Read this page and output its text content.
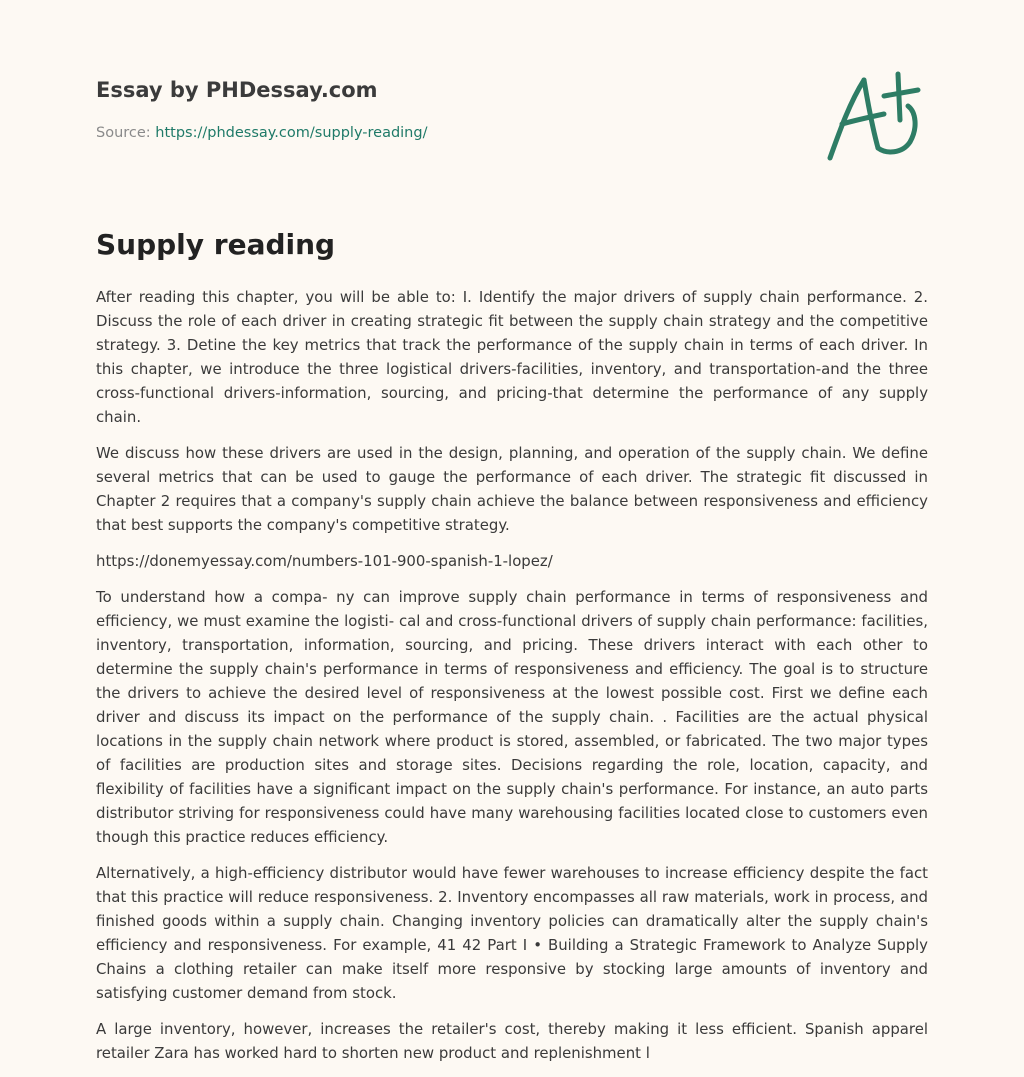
Essay by PHDessay.com

Source: https://phdessay.com/supply-reading/

Supply reading

After reading this chapter, you will be able to: I. Identify the major drivers of supply chain performance. 2. Discuss the role of each driver in creating strategic fit between the supply chain strategy and the competitive strategy. 3. Detine the key metrics that track the performance of the supply chain in terms of each driver. In this chapter, we introduce the three logistical drivers-facilities, inventory, and transportation-and the three cross-functional drivers-information, sourcing, and pricing-that determine the performance of any supply chain.

We discuss how these drivers are used in the design, planning, and operation of the supply chain. We define several metrics that can be used to gauge the performance of each driver. The strategic fit discussed in Chapter 2 requires that a company's supply chain achieve the balance between responsiveness and efficiency that best supports the company's competitive strategy.

https://donemyessay.com/numbers-101-900-spanish-1-lopez/

To understand how a compa- ny can improve supply chain performance in terms of responsiveness and efficiency, we must examine the logisti- cal and cross-functional drivers of supply chain performance: facilities, inventory, transportation, information, sourcing, and pricing. These drivers interact with each other to determine the supply chain's performance in terms of responsiveness and efficiency. The goal is to structure the drivers to achieve the desired level of responsiveness at the lowest possible cost. First we define each driver and discuss its impact on the performance of the supply chain. . Facilities are the actual physical locations in the supply chain network where product is stored, assembled, or fabricated. The two major types of facilities are production sites and storage sites. Decisions regarding the role, location, capacity, and flexibility of facilities have a significant impact on the supply chain's performance. For instance, an auto parts distributor striving for responsiveness could have many warehousing facilities located close to customers even though this practice reduces efficiency.

Alternatively, a high-efficiency distributor would have fewer warehouses to increase efficiency despite the fact that this practice will reduce responsiveness. 2. Inventory encompasses all raw materials, work in process, and finished goods within a supply chain. Changing inventory policies can dramatically alter the supply chain's efficiency and responsiveness. For example, 41 42 Part I • Building a Strategic Framework to Analyze Supply Chains a clothing retailer can make itself more responsive by stocking large amounts of inventory and satisfying customer demand from stock.

A large inventory, however, increases the retailer's cost, thereby making it less efficient. Spanish apparel retailer Zara has worked hard to shorten new product and replenishment l
